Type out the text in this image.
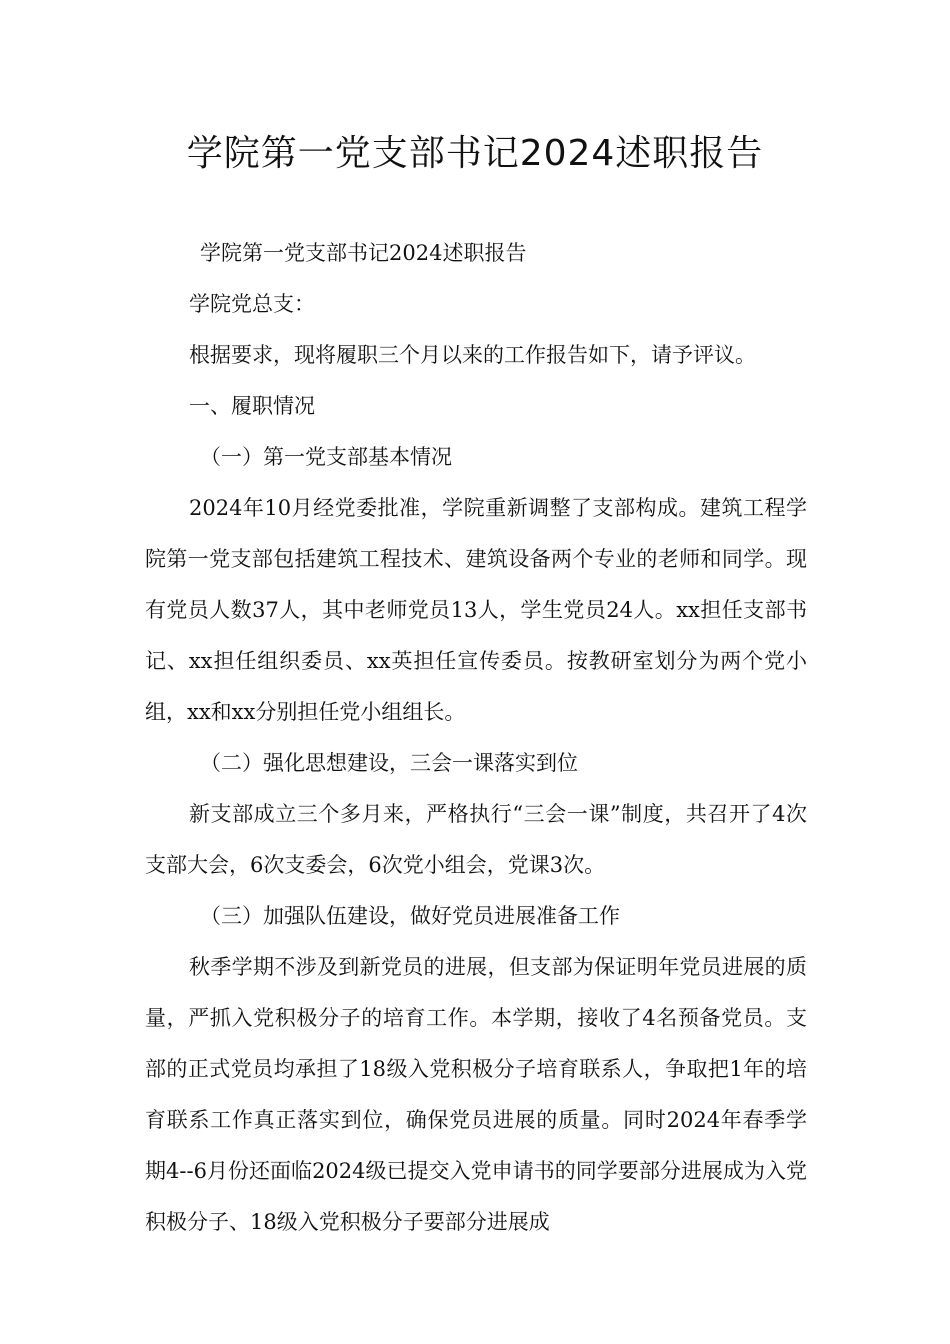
学院第一党支部书记2024述职报告

学院第一党支部书记2024述职报告

学院党总支：

根据要求，现将履职三个月以来的工作报告如下，请予评议。

一、履职情况

（一）第一党支部基本情况

2024年10月经党委批准，学院重新调整了支部构成。建筑工程学院第一党支部包括建筑工程技术、建筑设备两个专业的老师和同学。现有党员人数37人，其中老师党员13人，学生党员24人。xx担任支部书记、xx担任组织委员、xx英担任宣传委员。按教研室划分为两个党小组，xx和xx分别担任党小组组长。

（二）强化思想建设，三会一课落实到位

新支部成立三个多月来，严格执行“三会一课”制度，共召开了4次支部大会，6次支委会，6次党小组会，党课3次。

（三）加强队伍建设，做好党员进展准备工作

秋季学期不涉及到新党员的进展，但支部为保证明年党员进展的质量，严抓入党积极分子的培育工作。本学期，接收了4名预备党员。支部的正式党员均承担了18级入党积极分子培育联系人，争取把1年的培育联系工作真正落实到位，确保党员进展的质量。同时2024年春季学期4--6月份还面临2024级已提交入党申请书的同学要部分进展成为入党积极分子、18级入党积极分子要部分进展成
